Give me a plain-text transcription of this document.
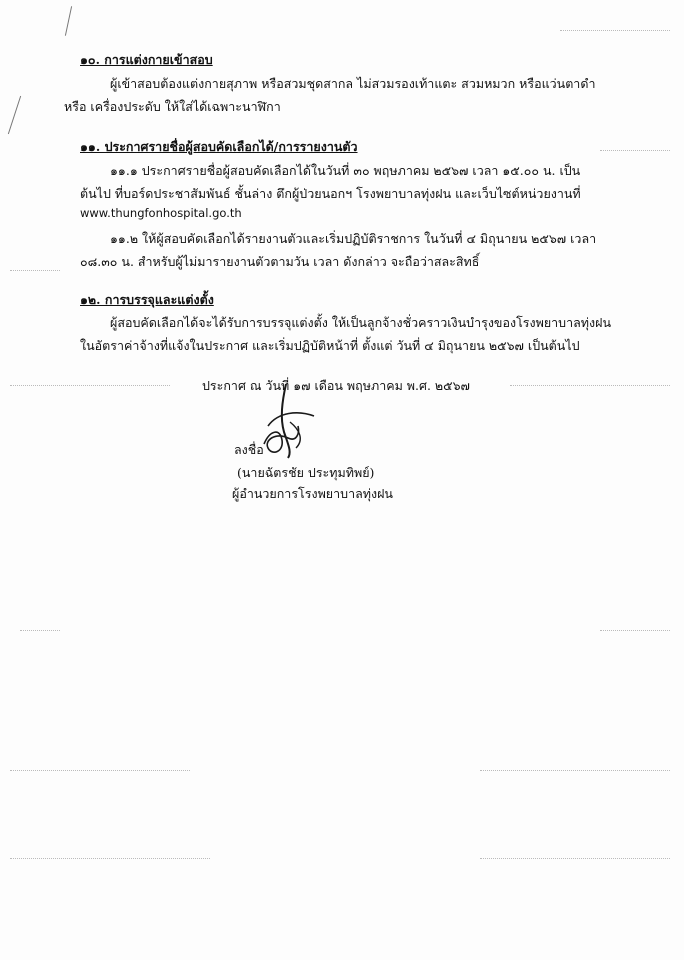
๑๐. การแต่งกายเข้าสอบ
ผู้เข้าสอบต้องแต่งกายสุภาพ หรือสวมชุดสากล ไม่สวมรองเท้าแตะ สวมหมวก หรือแว่นตาดำ
หรือ เครื่องประดับ ให้ใส่ได้เฉพาะนาฬิกา
๑๑. ประกาศรายชื่อผู้สอบคัดเลือกได้/การรายงานตัว
๑๑.๑ ประกาศรายชื่อผู้สอบคัดเลือกได้ในวันที่ ๓๐ พฤษภาคม ๒๕๖๗ เวลา ๑๕.๐๐ น. เป็น
ต้นไป ที่บอร์ดประชาสัมพันธ์ ชั้นล่าง ตึกผู้ป่วยนอกฯ โรงพยาบาลทุ่งฝน และเว็บไซต์หน่วยงานที่
www.thungfonhospital.go.th
๑๑.๒ ให้ผู้สอบคัดเลือกได้รายงานตัวและเริ่มปฏิบัติราชการ ในวันที่ ๔ มิถุนายน ๒๕๖๗ เวลา
๐๘.๓๐ น. สำหรับผู้ไม่มารายงานตัวตามวัน เวลา ดังกล่าว จะถือว่าสละสิทธิ์
๑๒. การบรรจุและแต่งตั้ง
ผู้สอบคัดเลือกได้จะได้รับการบรรจุแต่งตั้ง ให้เป็นลูกจ้างชั่วคราวเงินบำรุงของโรงพยาบาลทุ่งฝน
ในอัตราค่าจ้างที่แจ้งในประกาศ และเริ่มปฏิบัติหน้าที่ ตั้งแต่ วันที่ ๔ มิถุนายน ๒๕๖๗ เป็นต้นไป
ประกาศ ณ วันที่ ๑๗ เดือน พฤษภาคม พ.ศ. ๒๕๖๗
ลงชื่อ
(นายฉัตรชัย ประทุมทิพย์)
ผู้อำนวยการโรงพยาบาลทุ่งฝน
